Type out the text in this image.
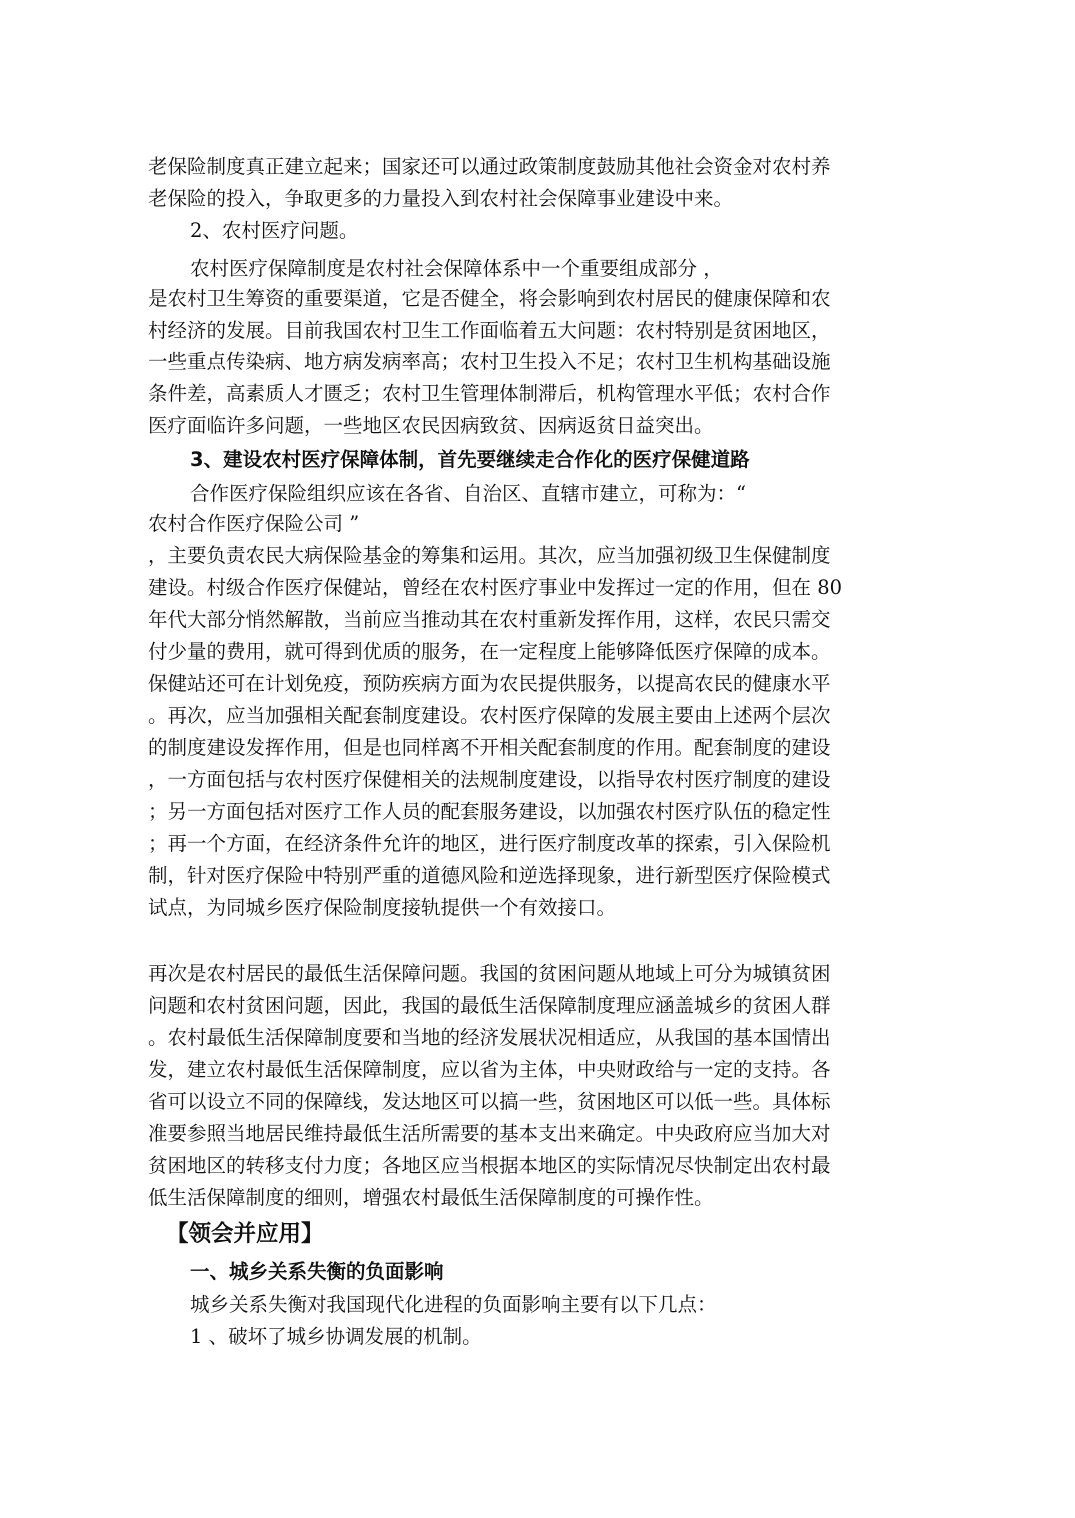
老保险制度真正建立起来；国家还可以通过政策制度鼓励其他社会资金对农村养
老保险的投入，争取更多的力量投入到农村社会保障事业建设中来。
2、农村医疗问题。
农村医疗保障制度是农村社会保障体系中一个重要组成部分 ，
是农村卫生筹资的重要渠道，它是否健全，将会影响到农村居民的健康保障和农
村经济的发展。目前我国农村卫生工作面临着五大问题：农村特别是贫困地区，
一些重点传染病、地方病发病率高；农村卫生投入不足；农村卫生机构基础设施
条件差，高素质人才匮乏；农村卫生管理体制滞后，机构管理水平低；农村合作
医疗面临许多问题，一些地区农民因病致贫、因病返贫日益突出。
3、建设农村医疗保障体制，首先要继续走合作化的医疗保健道路
合作医疗保险组织应该在各省、自治区、直辖市建立，可称为：“
农村合作医疗保险公司 ”
，主要负责农民大病保险基金的筹集和运用。其次，应当加强初级卫生保健制度
建设。村级合作医疗保健站，曾经在农村医疗事业中发挥过一定的作用，但在 80
年代大部分悄然解散，当前应当推动其在农村重新发挥作用，这样，农民只需交
付少量的费用，就可得到优质的服务，在一定程度上能够降低医疗保障的成本。
保健站还可在计划免疫，预防疾病方面为农民提供服务，以提高农民的健康水平
。再次，应当加强相关配套制度建设。农村医疗保障的发展主要由上述两个层次
的制度建设发挥作用，但是也同样离不开相关配套制度的作用。配套制度的建设
，一方面包括与农村医疗保健相关的法规制度建设，以指导农村医疗制度的建设
；另一方面包括对医疗工作人员的配套服务建设，以加强农村医疗队伍的稳定性
；再一个方面，在经济条件允许的地区，进行医疗制度改革的探索，引入保险机
制，针对医疗保险中特别严重的道德风险和逆选择现象，进行新型医疗保险模式
试点，为同城乡医疗保险制度接轨提供一个有效接口。
再次是农村居民的最低生活保障问题。我国的贫困问题从地域上可分为城镇贫困
问题和农村贫困问题，因此，我国的最低生活保障制度理应涵盖城乡的贫困人群
。农村最低生活保障制度要和当地的经济发展状况相适应，从我国的基本国情出
发，建立农村最低生活保障制度，应以省为主体，中央财政给与一定的支持。各
省可以设立不同的保障线，发达地区可以搞一些，贫困地区可以低一些。具体标
准要参照当地居民维持最低生活所需要的基本支出来确定。中央政府应当加大对
贫困地区的转移支付力度；各地区应当根据本地区的实际情况尽快制定出农村最
低生活保障制度的细则，增强农村最低生活保障制度的可操作性。
【领会并应用】
一、城乡关系失衡的负面影响
城乡关系失衡对我国现代化进程的负面影响主要有以下几点：
1 、破坏了城乡协调发展的机制。
